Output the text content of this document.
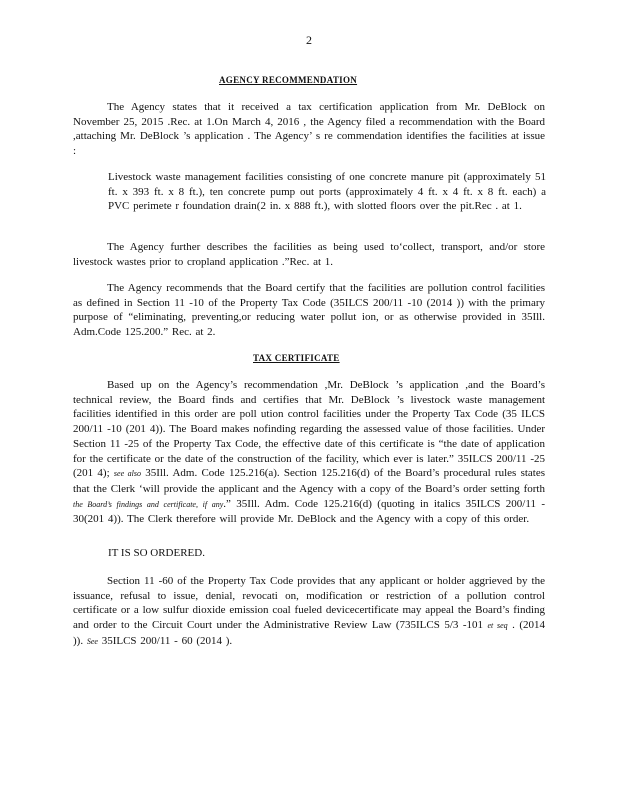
2
AGENCY RECOMMENDATION
The Agency states that it received a tax certification application from Mr. DeBlock on November 25, 2015 .Rec. at 1.On March 4, 2016 , the Agency filed a recommendation with the Board ,attaching Mr. DeBlock ’s application . The Agency’ s re commendation identifies the facilities at issue :
Livestock waste management facilities consisting of one concrete manure pit (approximately 51 ft. x 393 ft. x 8 ft.), ten concrete pump out ports (approximately 4 ft. x 4 ft. x 8 ft. each) a PVC perimete r foundation drain(2 in. x 888 ft.), with slotted floors over the pit.Rec . at 1.
The Agency further describes the facilities as being used to‘collect, transport, and/or store livestock wastes prior to cropland application .”Rec. at 1.
The Agency recommends that the Board certify that the facilities are pollution control facilities as defined in Section 11 -10 of the Property Tax Code (35ILCS 200/11 -10 (2014 )) with the primary purpose of “eliminating, preventing,or reducing water pollut ion, or as otherwise provided in 35Ill. Adm.Code 125.200.” Rec. at 2.
TAX CERTIFICATE
Based up on the Agency’s recommendation ,Mr. DeBlock ’s application ,and the Board’s technical review, the Board finds and certifies that Mr. DeBlock ’s livestock waste management facilities identified in this order are poll ution control facilities under the Property Tax Code (35 ILCS 200/11 -10 (201 4)). The Board makes nofinding regarding the assessed value of those facilities. Under Section 11 -25 of the Property Tax Code, the effective date of this certificate is “the date of application for the certificate or the date of the construction of the facility, which ever is later.” 35ILCS 200/11 -25 (201 4); see also 35Ill. Adm. Code 125.216(a). Section 125.216(d) of the Board’s procedural rules states that the Clerk ‘will provide the applicant and the Agency with a copy of the Board’s order setting forth the Board’s findings and certificate, if any.” 35Ill. Adm. Code 125.216(d) (quoting in italics 35ILCS 200/11 - 30(201 4)). The Clerk therefore will provide Mr. DeBlock and the Agency with a copy of this order.
IT IS SO ORDERED.
Section 11 -60 of the Property Tax Code provides that any applicant or holder aggrieved by the issuance, refusal to issue, denial, revocati on, modification or restriction of a pollution control certificate or a low sulfur dioxide emission coal fueled devicecertificate may appeal the Board’s finding and order to the Circuit Court under the Administrative Review Law (735ILCS 5/3 -101 et seq . (2014 )). See 35ILCS 200/11 - 60 (2014 ).
